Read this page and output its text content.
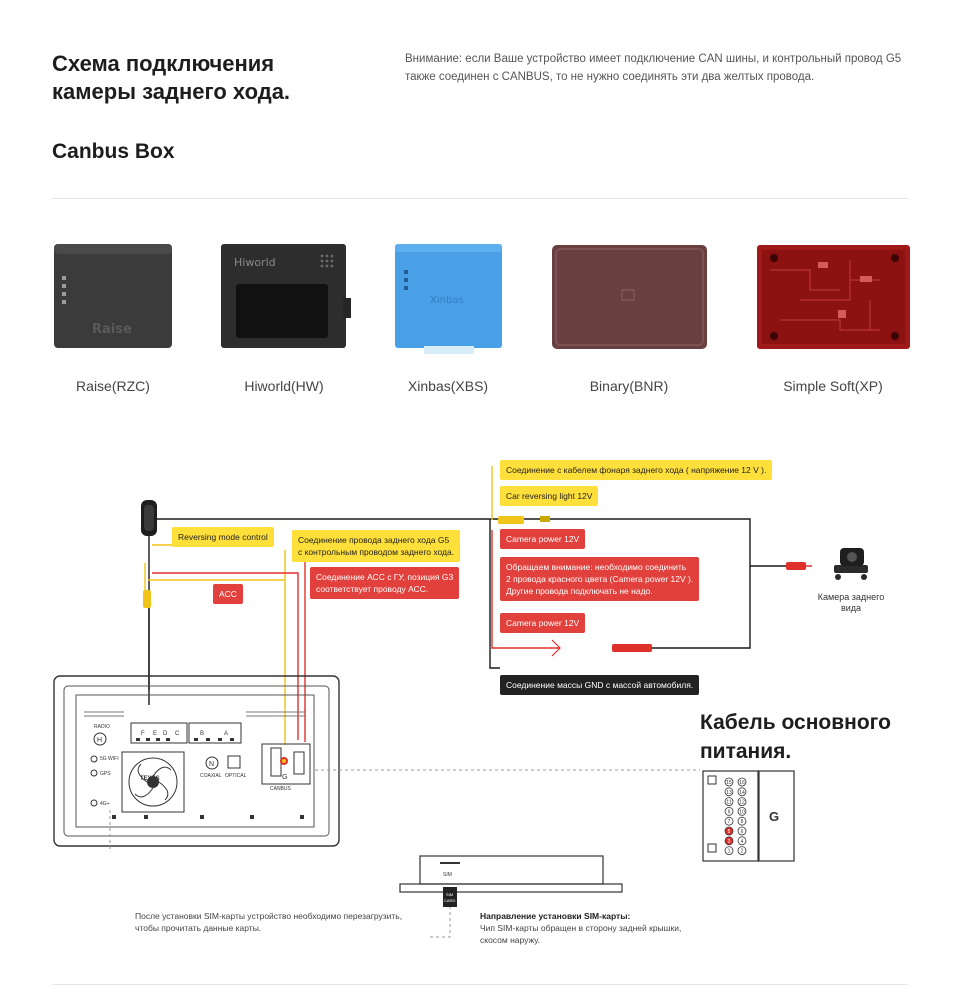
Схема подключения
камеры заднего хода.
Внимание: если Ваше устройство имеет подключение CAN шины, и контрольный провод G5 также соединен с CANBUS, то не нужно соединять эти два желтых провода.
Canbus Box
Raise
Hiworld
Xinbas
Raise(RZC)	Hiworld(HW)	Xinbas(XBS)	Binary(BNR)	Simple Soft(XP)
H
RADIO
5G WIFI
GPS
4G+
TEYES
F E D C	B	A
N
COAXIAL OPTICAL
CANBUS
G
G
15
13
11
9
7
5
3
1
16
14
12
10
8
6
4
2
SIM
SIM
CARD
Соединение с кабелем фонаря заднего хода ( напряжение 12 V ).
Car reversing light 12V
Reversing mode control	Соединение провода заднего хода G5
с контрольным проводом заднего хода.
Camera power 12V
Соединение АСС с ГУ, позиция G3
соответствует проводу АСС.
ACC
Обращаем внимание: необходимо соединить
2 провода красного цвета (Camera power 12V ).
Другие провода подключать не надо.
Camera power 12V
Соединение массы GND с массой автомобиля.
Камера заднего
вида
Кабель основного
питания.
После установки SIM-карты устройство необходимо перезагрузить,
чтобы прочитать данные карты.
Направление установки SIM-карты:
Чип SIM-карты обращен в сторону задней крышки,
скосом наружу.
